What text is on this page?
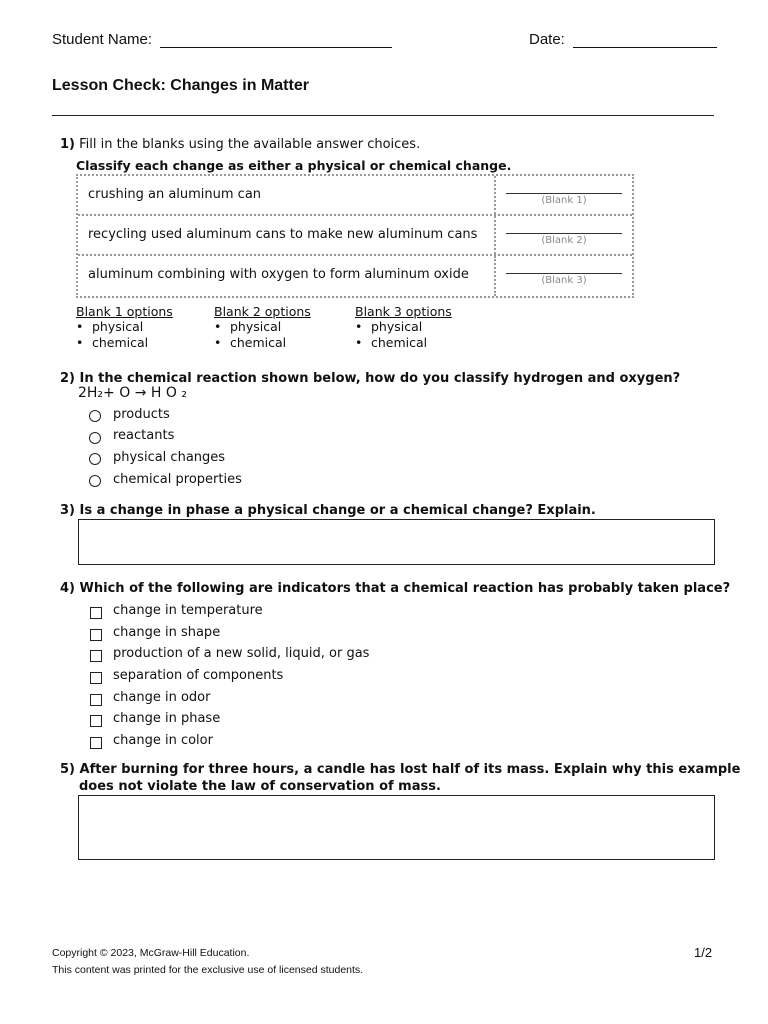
Student Name:	Date:
Lesson Check: Changes in Matter
1) Fill in the blanks using the available answer choices.
Classify each change as either a physical or chemical change.
crushing an aluminum can	(Blank 1)
recycling used aluminum cans to make new aluminum cans	(Blank 2)
aluminum combining with oxygen to form aluminum oxide	(Blank 3)
Blank 1 options
• physical
• chemical
Blank 2 options
• physical
• chemical
Blank 3 options
• physical
• chemical
2) In the chemical reaction shown below, how do you classify hydrogen and oxygen?
2H₂+ O → H O ₂
products
reactants
physical changes
chemical properties
3) Is a change in phase a physical change or a chemical change? Explain.
4) Which of the following are indicators that a chemical reaction has probably taken place?
change in temperature
change in shape
production of a new solid, liquid, or gas
separation of components
change in odor
change in phase
change in color
5) After burning for three hours, a candle has lost half of its mass. Explain why this example
does not violate the law of conservation of mass.
Copyright © 2023, McGraw-Hill Education.
This content was printed for the exclusive use of licensed students.
1/2
